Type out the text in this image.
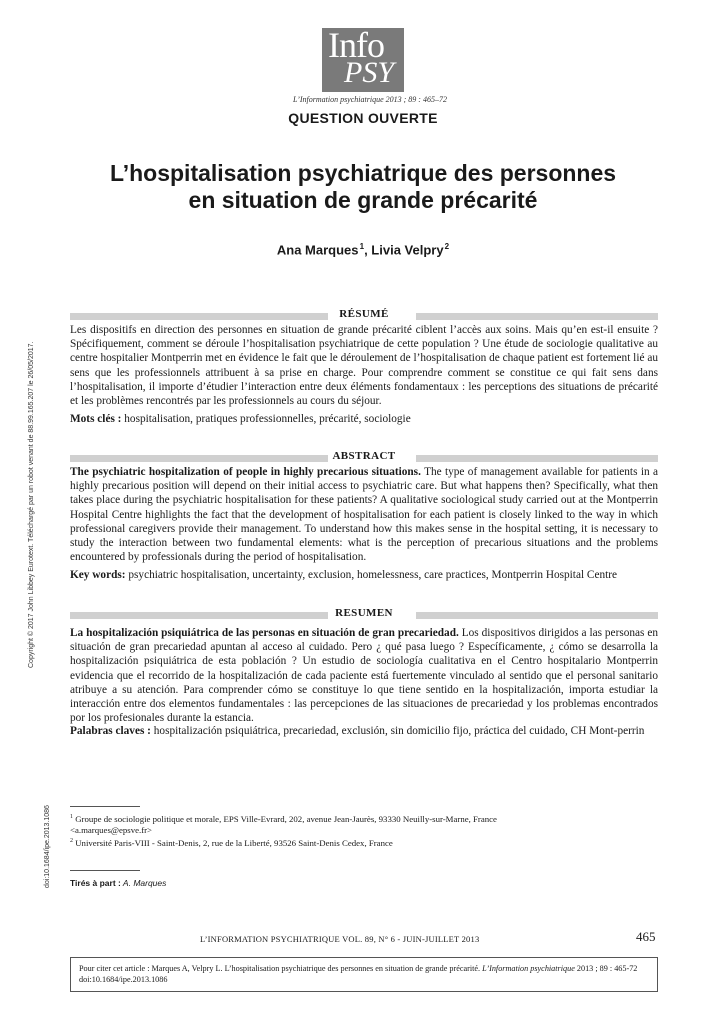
Info
PSY
L’Information psychiatrique 2013 ; 89 : 465–72
QUESTION OUVERTE
L’hospitalisation psychiatrique des personnes
en situation de grande précarité
Ana Marques $^1$, Livia Velpry $^2$
RÉSUMÉ
Les dispositifs en direction des personnes en situation de grande précarité ciblent l’accès aux soins. Mais qu’en est-il ensuite ? Spécifiquement, comment se déroule l’hospitalisation psychiatrique de cette population ? Une étude de sociologie qualitative au centre hospitalier Montperrin met en évidence le fait que le déroulement de l’hospitalisation de chaque patient est fortement lié au sens que les professionnels attribuent à sa prise en charge. Pour comprendre comment se constitue ce qui fait sens dans l’hospitalisation, il importe d’étudier l’interaction entre deux éléments fondamentaux : les perceptions des situations de précarité et les problèmes rencontrés par les professionnels au cours du séjour.
Mots clés : hospitalisation, pratiques professionnelles, précarité, sociologie
ABSTRACT
The psychiatric hospitalization of people in highly precarious situations. The type of management available for patients in a highly precarious position will depend on their initial access to psychiatric care. But what happens then? Specifically, what then takes place during the psychiatric hospitalisation for these patients? A qualitative sociological study carried out at the Montperrin Hospital Centre highlights the fact that the development of hospitalisation for each patient is closely linked to the way in which professional caregivers provide their management. To understand how this makes sense in the hospital setting, it is necessary to study the interaction between two fundamental elements: what is the perception of precarious situations and the problems encountered by professionals during the period of hospitalisation.
Key words: psychiatric hospitalisation, uncertainty, exclusion, homelessness, care practices, Montperrin Hospital Centre
RESUMEN
La hospitalización psiquiátrica de las personas en situación de gran precariedad. Los dispositivos dirigidos a las personas en situación de gran precariedad apuntan al acceso al cuidado. Pero ¿ qué pasa luego ? Específicamente, ¿ cómo se desarrolla la hospitalización psiquiátrica de esta población ? Un estudio de sociología cualitativa en el Centro hospitalario Montperrin evidencia que el recorrido de la hospitalización de cada paciente está fuertemente vinculado al sentido que el personal sanitario atribuye a su atención. Para comprender cómo se constituye lo que tiene sentido en la hospitalización, importa estudiar la interacción entre dos elementos fundamentales : las percepciones de las situaciones de precariedad y los problemas encontrados por los profesionales durante la estancia.
Palabras claves : hospitalización psiquiátrica, precariedad, exclusión, sin domicilio fijo, práctica del cuidado, CH Mont-perrin
Copyright © 2017 John Libbey Eurotext. Téléchargé par un robot venant de 88.99.165.207 le 26/05/2017.
doi:10.1684/ipe.2013.1086	$^1$ Groupe de sociologie politique et morale, EPS Ville-Evrard, 202, avenue Jean-Jaurès, 93330 Neuilly-sur-Marne, France
<a.marques@epsve.fr>
$^2$ Université Paris-VIII - Saint-Denis, 2, rue de la Liberté, 93526 Saint-Denis Cedex, France
Tirés à part : A. Marques
L’INFORMATION PSYCHIATRIQUE VOL. 89, N° 6 - JUIN-JUILLET 2013	465
Pour citer cet article : Marques A, Velpry L. L’hospitalisation psychiatrique des personnes en situation de grande précarité. L’Information psychiatrique 2013 ; 89 : 465-72
doi:10.1684/ipe.2013.1086
